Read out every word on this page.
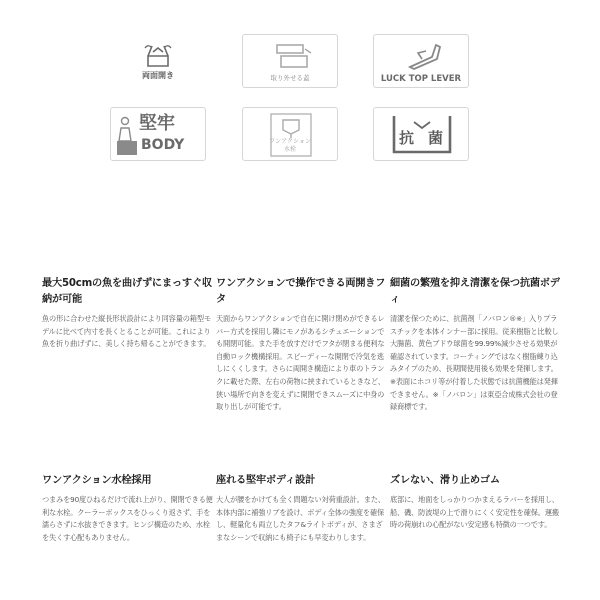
両面開き	取り外せる蓋	LUCK TOP LEVER
堅牢
BODY	ワンアクション
水栓
抗菌
最大50cmの魚を曲げずにまっすぐ収納が可能

魚の形に合わせた縦長形状設計により同容量の箱型モデルに比べて内寸を長くとることが可能。これにより魚を折り曲げずに、美しく持ち帰ることができます。

ワンアクションで操作できる両開きフタ

天面からワンアクションで自在に開け閉めができるレバー方式を採用し隣にモノがあるシチュエーションでも開閉可能。また手を放すだけでフタが閉まる便利な自動ロック機構採用。スピーディーな開閉で冷気を逃しにくくします。さらに両開き構造により車のトランクに載せた際、左右の荷物に挟まれているときなど、狭い場所で向きを変えずに開閉できスムーズに中身の取り出しが可能です。

細菌の繁殖を抑え清潔を保つ抗菌ボディ

清潔を保つために、抗菌剤「ノバロン®※」入りプラスチックを本体インナー部に採用。従来樹脂と比較し大腸菌、黄色ブドウ球菌を99.99%減少させる効果が確認されています。コーティングではなく樹脂練り込みタイプのため、長期間使用後も効果を発揮します。※表面にホコリ等が付着した状態では抗菌機能は発揮できません。※「ノバロン」は東亞合成株式会社の登録商標です。

ワンアクション水栓採用

つまみを90度ひねるだけで流れ上がり、開閉できる便利な水栓。クーラーボックスをひっくり返さず、手を濡らさずに水抜きできます。ヒンジ構造のため、水栓を失くす心配もありません。

座れる堅牢ボディ設計

大人が腰をかけても全く問題ない対荷重設計。また、本体内部に補強リブを設け、ボディ全体の強度を確保し、軽量化も両立したタフ&ライトボディが、さまざまなシーンで収納にも椅子にも早変わりします。

ズレない、滑り止めゴム

底部に、地面をしっかりつかまえるラバーを採用し、船、磯、防波堤の上で滑りにくく安定性を確保。運搬時の荷崩れの心配がない安定感も特徴の一つです。
